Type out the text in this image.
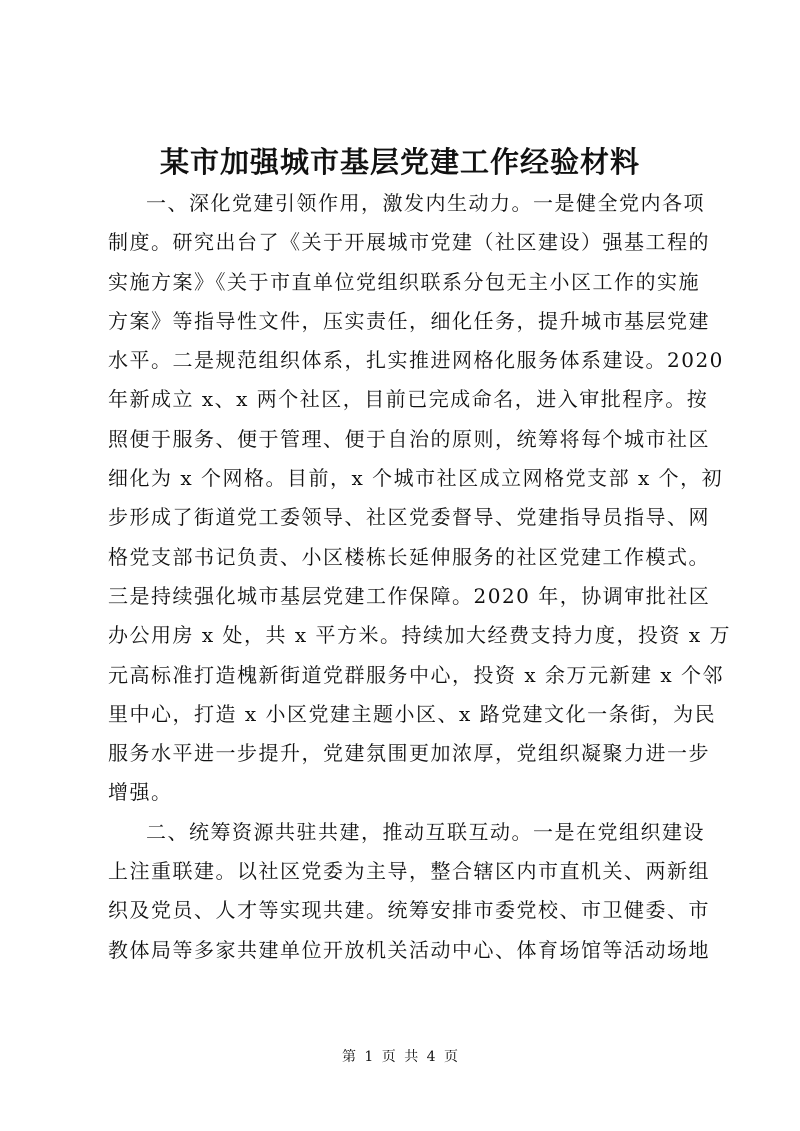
某市加强城市基层党建工作经验材料
一、深化党建引领作用，激发内生动力。一是健全党内各项
制度。研究出台了《关于开展城市党建（社区建设）强基工程的
实施方案》《关于市直单位党组织联系分包无主小区工作的实施
方案》等指导性文件，压实责任，细化任务，提升城市基层党建
水平。二是规范组织体系，扎实推进网格化服务体系建设。2020
年新成立 x、x 两个社区，目前已完成命名，进入审批程序。按
照便于服务、便于管理、便于自治的原则，统筹将每个城市社区
细化为 x 个网格。目前，x 个城市社区成立网格党支部 x 个，初
步形成了街道党工委领导、社区党委督导、党建指导员指导、网
格党支部书记负责、小区楼栋长延伸服务的社区党建工作模式。
三是持续强化城市基层党建工作保障。2020 年，协调审批社区
办公用房 x 处，共 x 平方米。持续加大经费支持力度，投资 x 万
元高标准打造槐新街道党群服务中心，投资 x 余万元新建 x 个邻
里中心，打造 x 小区党建主题小区、x 路党建文化一条街，为民
服务水平进一步提升，党建氛围更加浓厚，党组织凝聚力进一步
增强。
二、统筹资源共驻共建，推动互联互动。一是在党组织建设
上注重联建。以社区党委为主导，整合辖区内市直机关、两新组
织及党员、人才等实现共建。统筹安排市委党校、市卫健委、市
教体局等多家共建单位开放机关活动中心、体育场馆等活动场地
第 1 页 共 4 页
